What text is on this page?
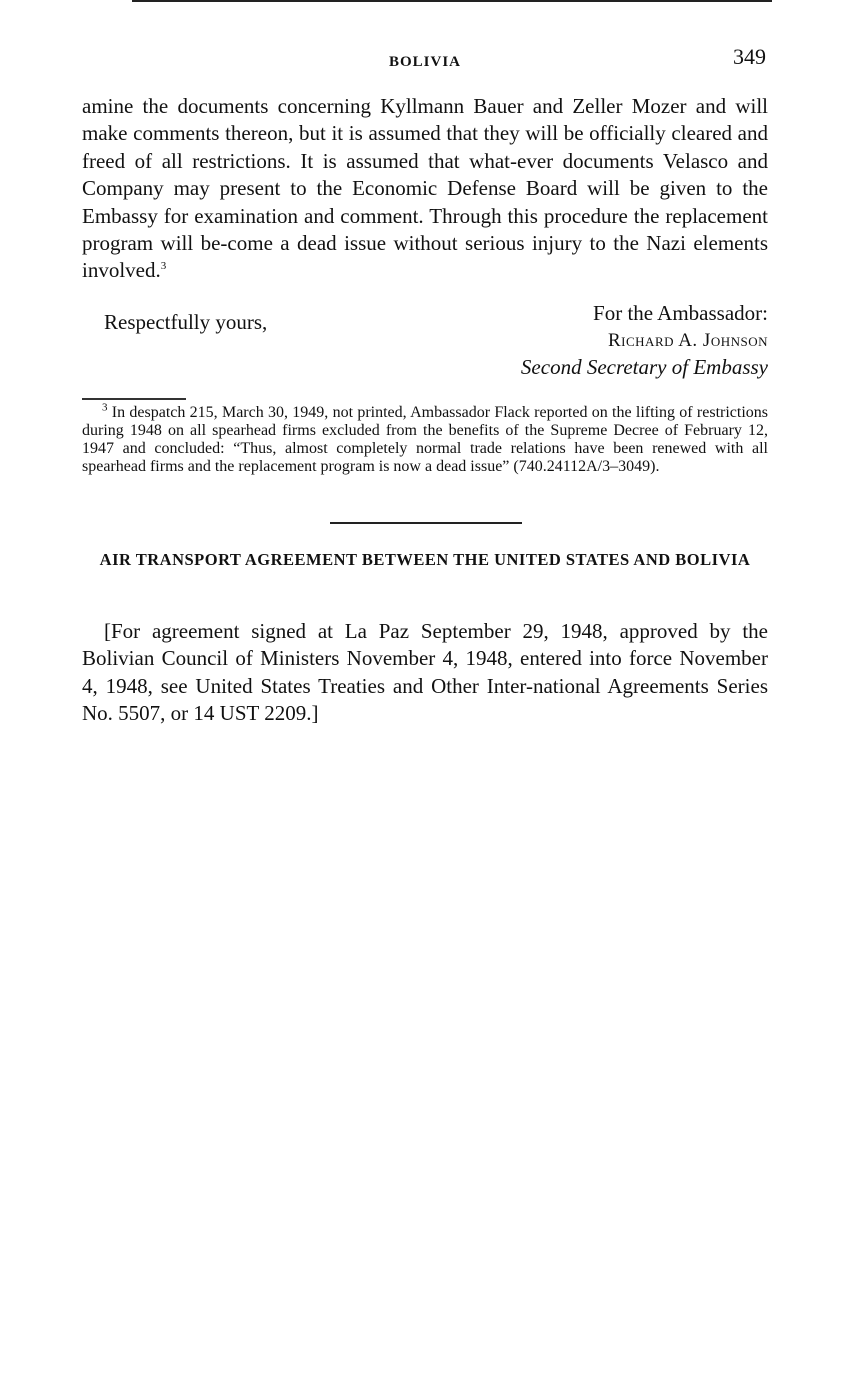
BOLIVIA	349

amine the documents concerning Kyllmann Bauer and Zeller Mozer and will make comments thereon, but it is assumed that they will be officially cleared and freed of all restrictions. It is assumed that what-ever documents Velasco and Company may present to the Economic Defense Board will be given to the Embassy for examination and comment. Through this procedure the replacement program will be-come a dead issue without serious injury to the Nazi elements involved.$^3$

Respectfully yours,	For the Ambassador:
Richard A. Johnson
Second Secretary of Embassy

$^3$ In despatch 215, March 30, 1949, not printed, Ambassador Flack reported on the lifting of restrictions during 1948 on all spearhead firms excluded from the benefits of the Supreme Decree of February 12, 1947 and concluded: “Thus, almost completely normal trade relations have been renewed with all spearhead firms and the replacement program is now a dead issue” (740.24112A/3–3049).

AIR TRANSPORT AGREEMENT BETWEEN THE UNITED STATES AND BOLIVIA

[For agreement signed at La Paz September 29, 1948, approved by the Bolivian Council of Ministers November 4, 1948, entered into force November 4, 1948, see United States Treaties and Other Inter-national Agreements Series No. 5507, or 14 UST 2209.]
